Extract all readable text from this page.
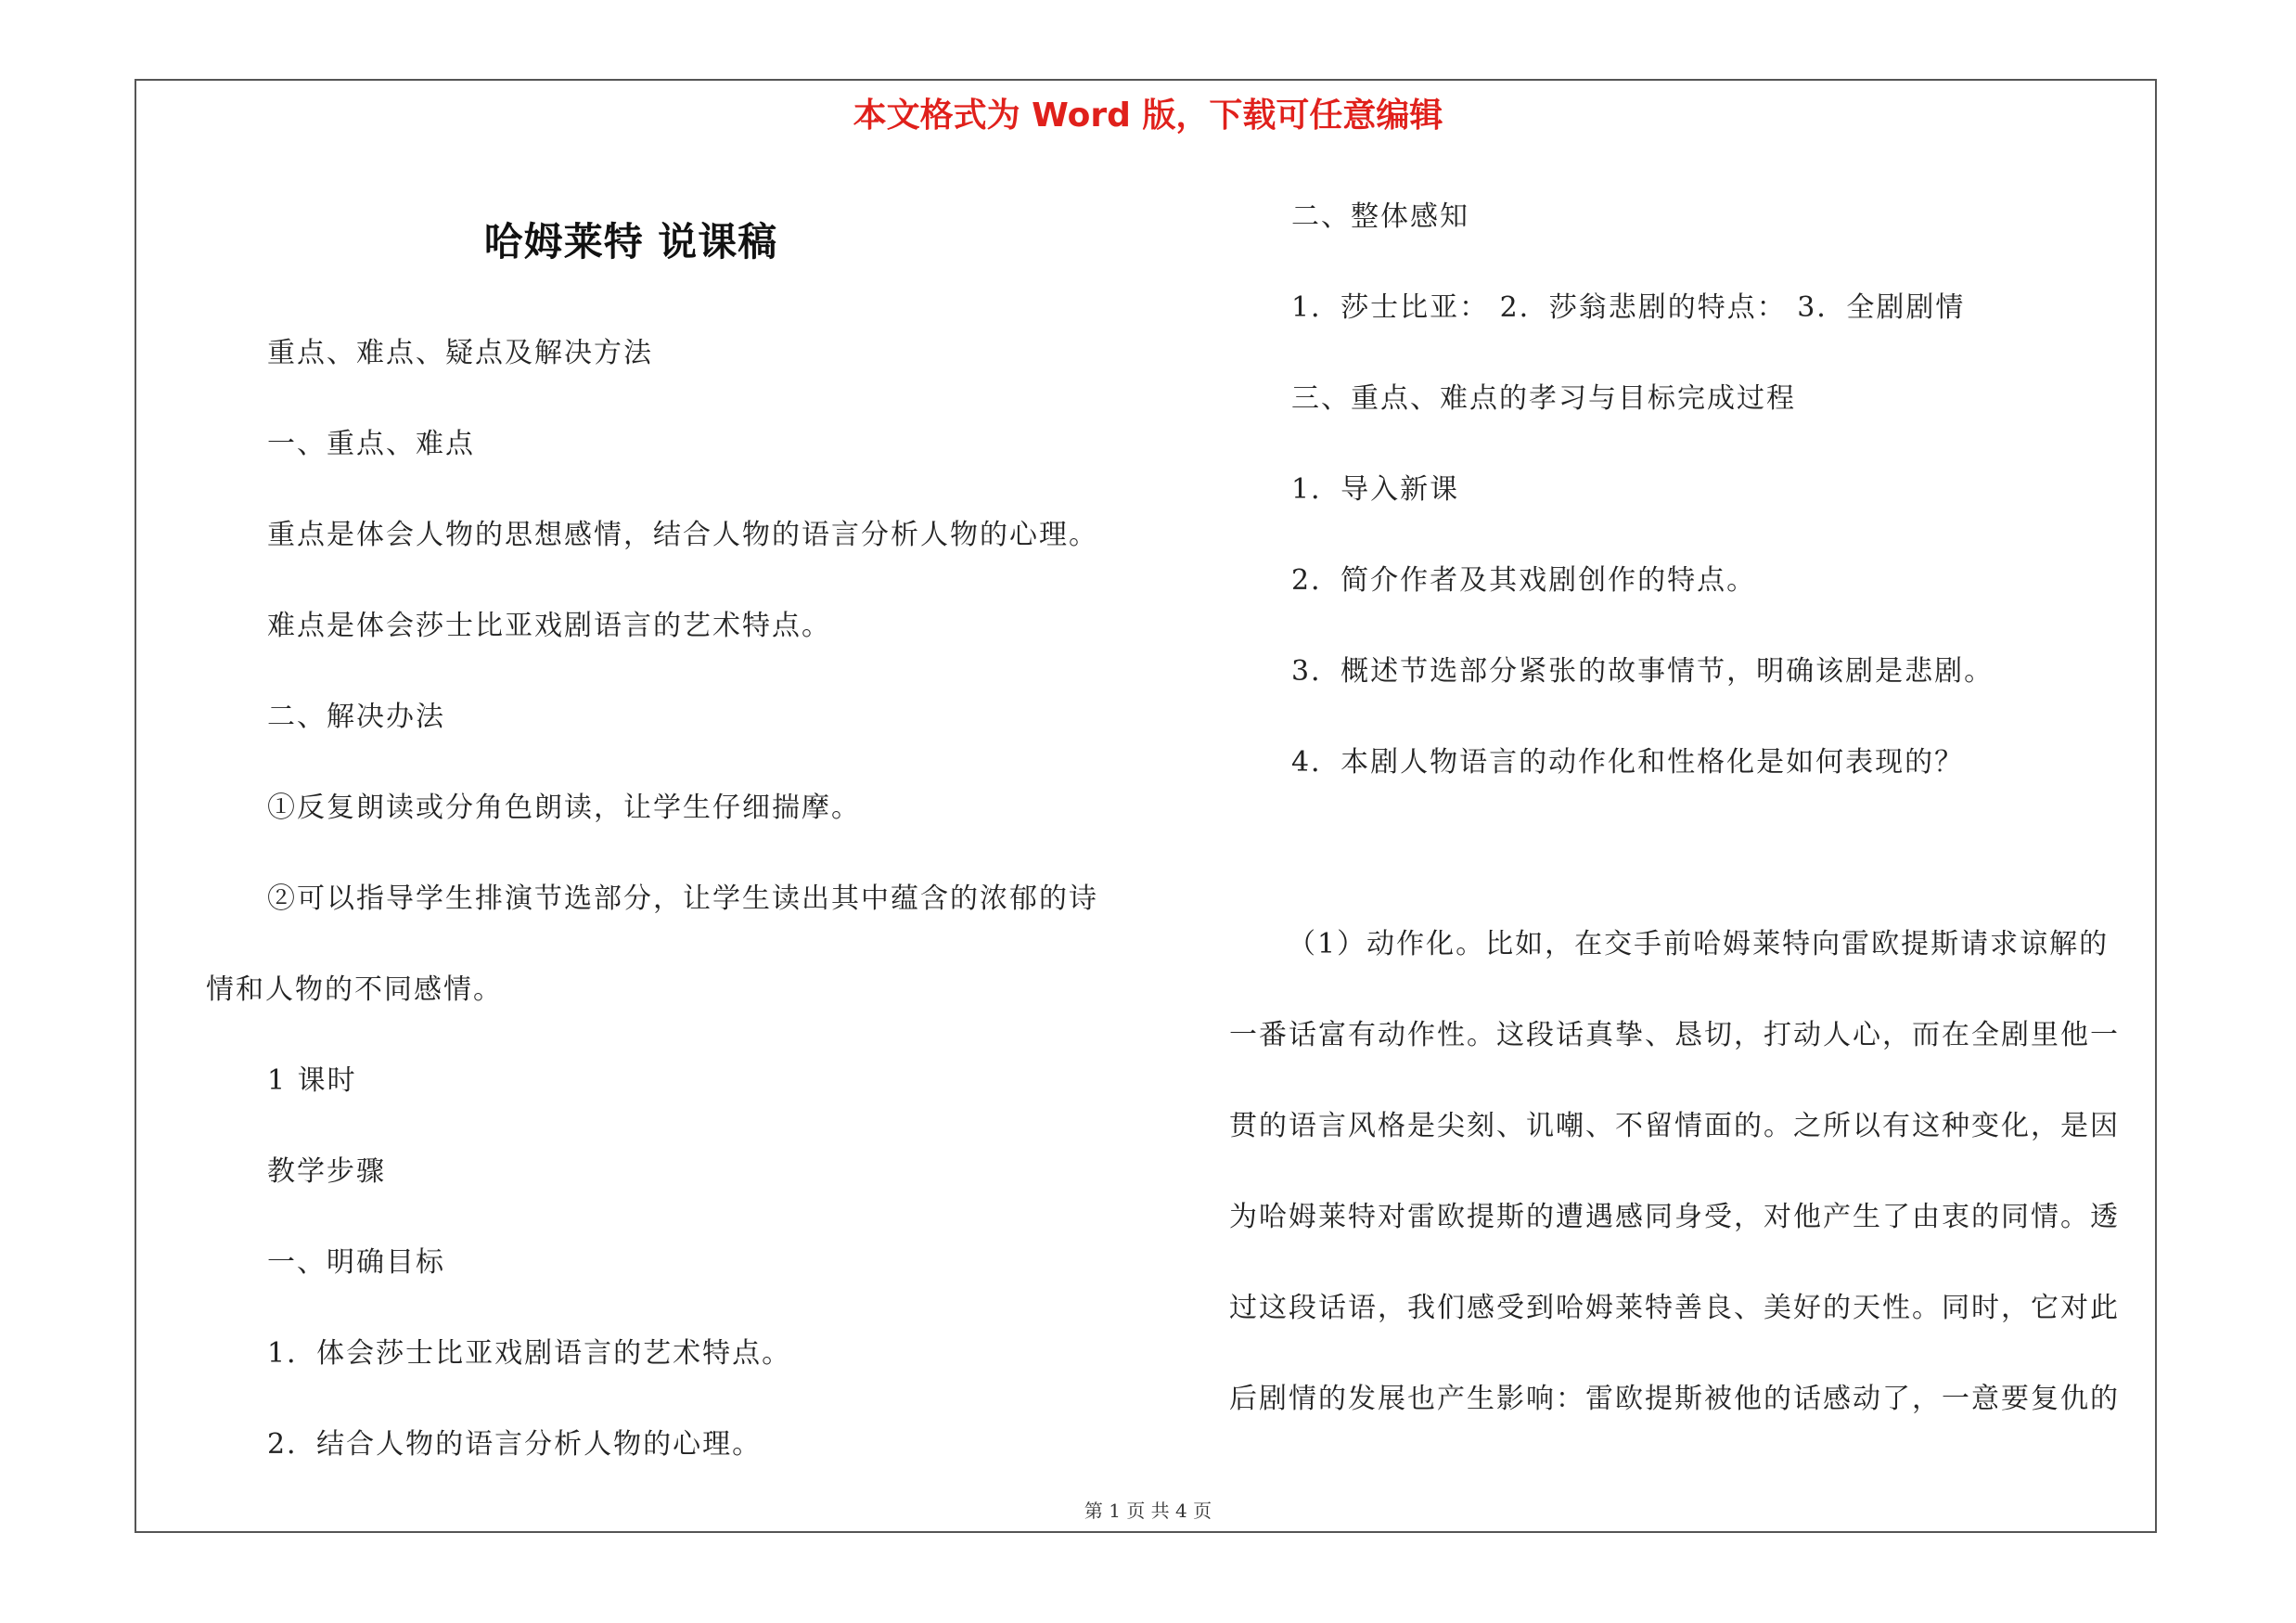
本文格式为 Word 版，下载可任意编辑
哈姆莱特 说课稿
重点、难点、疑点及解决方法
一、重点、难点
重点是体会人物的思想感情，结合人物的语言分析人物的心理。
难点是体会莎士比亚戏剧语言的艺术特点。
二、解决办法
①反复朗读或分角色朗读，让学生仔细揣摩。
②可以指导学生排演节选部分，让学生读出其中蕴含的浓郁的诗
情和人物的不同感情。
1 课时
教学步骤
一、明确目标
1．体会莎士比亚戏剧语言的艺术特点。
2．结合人物的语言分析人物的心理。
二、整体感知
1．莎士比亚： 2．莎翁悲剧的特点： 3．全剧剧情
三、重点、难点的孝习与目标完成过程
1．导入新课
2．简介作者及其戏剧创作的特点。
3．概述节选部分紧张的故事情节，明确该剧是悲剧。
4．本剧人物语言的动作化和性格化是如何表现的？
（1）动作化。比如，在交手前哈姆莱特向雷欧提斯请求谅解的
一番话富有动作性。这段话真挚、恳切，打动人心，而在全剧里他一
贯的语言风格是尖刻、讥嘲、不留情面的。之所以有这种变化，是因
为哈姆莱特对雷欧提斯的遭遇感同身受，对他产生了由衷的同情。透
过这段话语，我们感受到哈姆莱特善良、美好的天性。同时，它对此
后剧情的发展也产生影响：雷欧提斯被他的话感动了，一意要复仇的
第 1 页 共 4 页
